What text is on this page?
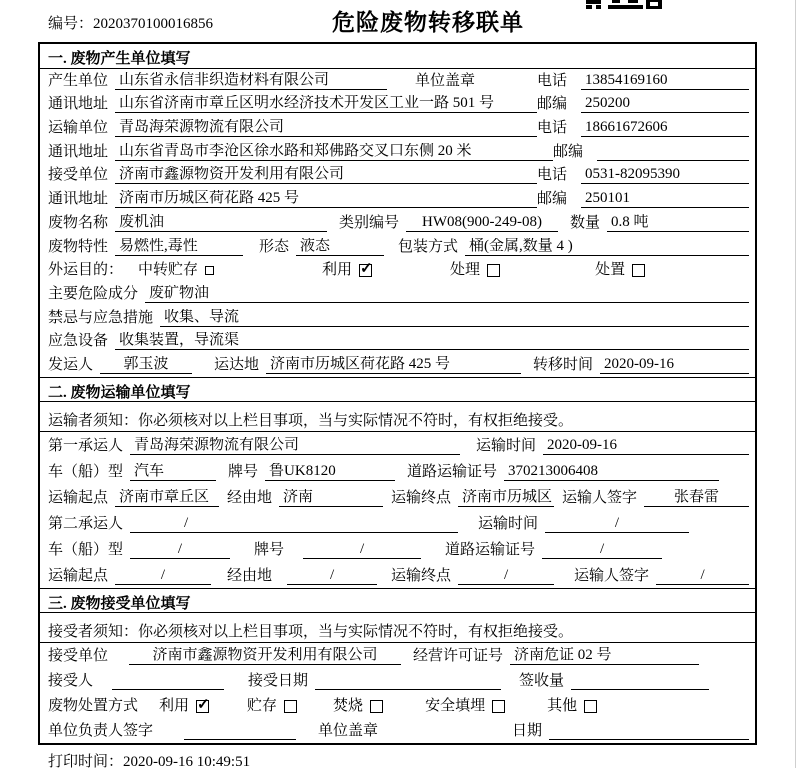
编号：2020370100016856	危险废物转移联单
一. 废物产生单位填写
产生单位 山东省永信非织造材料有限公司	单位盖章	电话	13854169160
通讯地址 山东省济南市章丘区明水经济技术开发区工业一路 501 号	邮编	250200
运输单位 青岛海荣源物流有限公司	电话	18661672606
通讯地址 山东省青岛市李沧区徐水路和郑佛路交叉口东侧 20 米	邮编
接受单位 济南市鑫源物资开发利用有限公司	电话	0531-82095390
通讯地址 济南市历城区荷花路 425 号	邮编	250101
废物名称 废机油	类别编号	HW08(900-249-08)	数量 0.8 吨
废物特性 易燃性,毒性	形态 液态	包装方式 桶(金属,数量 4 )
外运目的： 中转贮存	利用 ✓	处理	处置
主要危险成分 废矿物油
禁忌与应急措施 收集、导流
应急设备 收集装置，导流渠
发运人	郭玉波	运达地 济南市历城区荷花路 425 号	转移时间 2020-09-16
二. 废物运输单位填写
运输者须知：你必须核对以上栏目事项，当与实际情况不符时，有权拒绝接受。
第一承运人 青岛海荣源物流有限公司	运输时间 2020-09-16
车（船）型 汽车	牌号 鲁UK8120	道路运输证号 370213006408
运输起点 济南市章丘区	经由地 济南	运输终点 济南市历城区 运输人签字	张春雷
第二承运人	/	运输时间	/
车（船）型	/	牌号	/	道路运输证号	/
运输起点	/	经由地	/	运输终点	/	运输人签字	/
三. 废物接受单位填写
接受者须知：你必须核对以上栏目事项，当与实际情况不符时，有权拒绝接受。
接受单位	济南市鑫源物资开发利用有限公司	经营许可证号 济南危证 02 号
接受人	接受日期	签收量
废物处置方式 利用 ✓	贮存	焚烧	安全填埋	其他
单位负责人签字	单位盖章	日期
打印时间：2020-09-16 10:49:51
